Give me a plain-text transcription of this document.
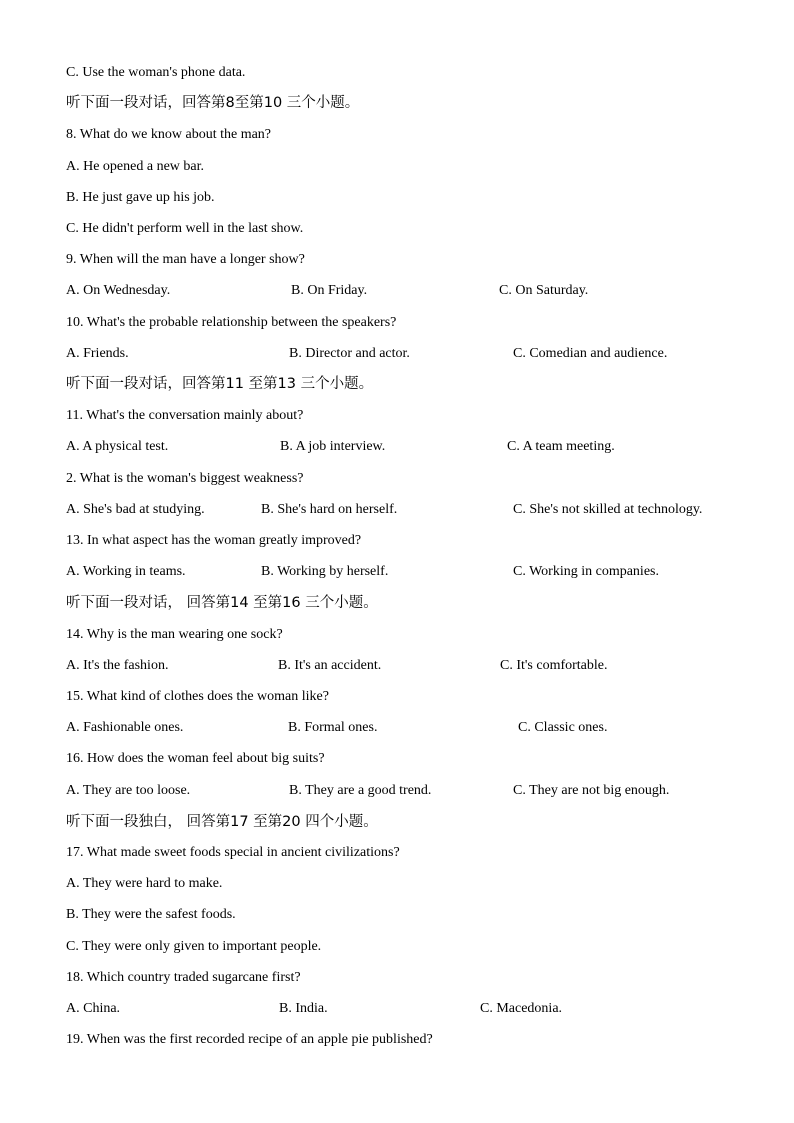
C. Use the woman's phone data.
听下面一段对话，回答第8至第10 三个小题。
8. What do we know about the man?
A. He opened a new bar.
B. He just gave up his job.
C. He didn't perform well in the last show.
9. When will the man have a longer show?
A. On Wednesday.	B. On Friday.	C. On Saturday.
10. What's the probable relationship between the speakers?
A. Friends.	B. Director and actor.	C. Comedian and audience.
听下面一段对话，回答第11 至第13 三个小题。
11. What's the conversation mainly about?
A. A physical test.	B. A job interview.	C. A team meeting.
2. What is the woman's biggest weakness?
A. She's bad at studying.	B. She's hard on herself.	C. She's not skilled at technology.
13. In what aspect has the woman greatly improved?
A. Working in teams.	B. Working by herself.	C. Working in companies.
听下面一段对话， 回答第14 至第16 三个小题。
14. Why is the man wearing one sock?
A. It's the fashion.	B. It's an accident.	C. It's comfortable.
15. What kind of clothes does the woman like?
A. Fashionable ones.	B. Formal ones.	C. Classic ones.
16. How does the woman feel about big suits?
A. They are too loose.	B. They are a good trend.	C. They are not big enough.
听下面一段独白， 回答第17 至第20 四个小题。
17. What made sweet foods special in ancient civilizations?
A. They were hard to make.
B. They were the safest foods.
C. They were only given to important people.
18. Which country traded sugarcane first?
A. China.	B. India.	C. Macedonia.
19. When was the first recorded recipe of an apple pie published?
